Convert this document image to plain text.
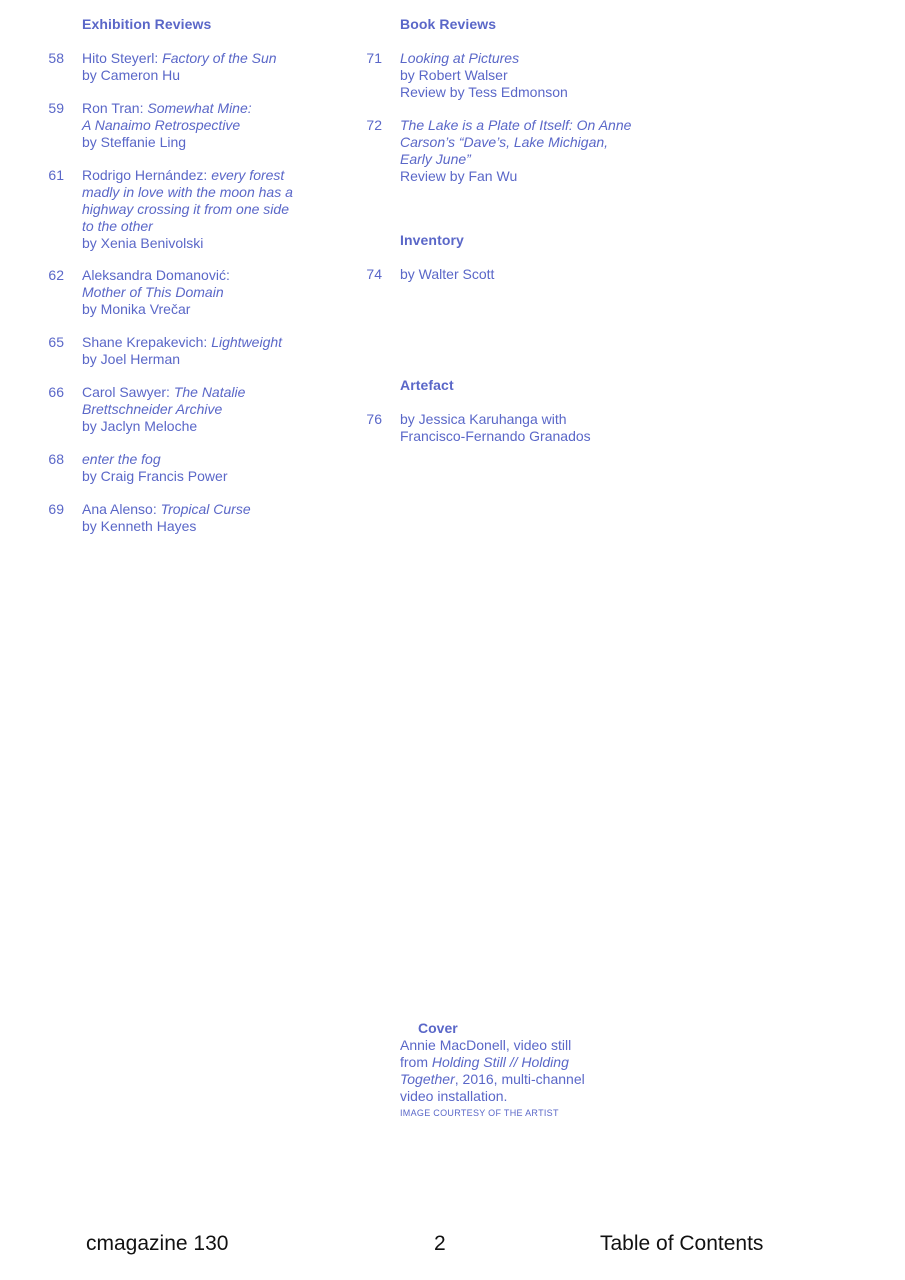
Exhibition Reviews
58 Hito Steyerl: Factory of the Sun
by Cameron Hu
59 Ron Tran: Somewhat Mine:
A Nanaimo Retrospective
by Steffanie Ling
61 Rodrigo Hernández: every forest
madly in love with the moon has a
highway crossing it from one side
to the other
by Xenia Benivolski
62 Aleksandra Domanović:
Mother of This Domain
by Monika Vrečar
65 Shane Krepakevich: Lightweight
by Joel Herman
66 Carol Sawyer: The Natalie
Brettschneider Archive
by Jaclyn Meloche
68 enter the fog
by Craig Francis Power
69 Ana Alenso: Tropical Curse
by Kenneth Hayes
Book Reviews
71 Looking at Pictures
by Robert Walser
Review by Tess Edmonson
72 The Lake is a Plate of Itself: On Anne
Carson’s “Dave’s, Lake Michigan,
Early June”
Review by Fan Wu
Inventory
74 by Walter Scott
Artefact
76 by Jessica Karuhanga with
Francisco-Fernando Granados
Cover
Annie MacDonell, video still
from Holding Still // Holding
Together, 2016, multi-channel
video installation.
IMAGE COURTESY OF THE ARTIST
cmagazine 130	2	Table of Contents
